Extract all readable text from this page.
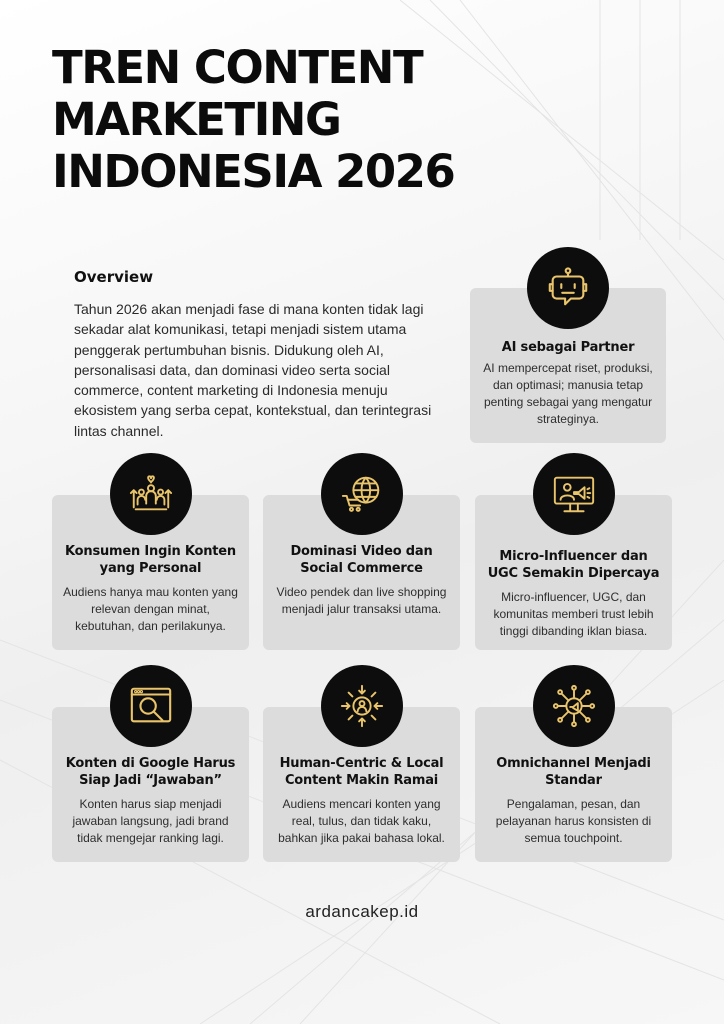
TREN CONTENT
MARKETING
INDONESIA 2026
Overview

Tahun 2026 akan menjadi fase di mana konten tidak lagi sekadar alat komunikasi, tetapi menjadi sistem utama penggerak pertumbuhan bisnis. Didukung oleh AI, personalisasi data, dan dominasi video serta social commerce, content marketing di Indonesia menuju ekosistem yang serba cepat, kontekstual, dan terintegrasi lintas channel.

AI sebagai Partner
AI mempercepat riset, produksi, dan optimasi; manusia tetap penting sebagai yang mengatur strateginya.
Konsumen Ingin Konten yang Personal
Audiens hanya mau konten yang relevan dengan minat, kebutuhan, dan perilakunya.
Dominasi Video dan Social Commerce
Video pendek dan live shopping menjadi jalur transaksi utama.
Micro-Influencer dan UGC Semakin Dipercaya
Micro-influencer, UGC, dan komunitas memberi trust lebih tinggi dibanding iklan biasa.
Konten di Google Harus Siap Jadi “Jawaban”
Konten harus siap menjadi jawaban langsung, jadi brand tidak mengejar ranking lagi.
Human-Centric & Local Content Makin Ramai
Audiens mencari konten yang real, tulus, dan tidak kaku, bahkan jika pakai bahasa lokal.
Omnichannel Menjadi Standar
Pengalaman, pesan, dan pelayanan harus konsisten di semua touchpoint.
ardancakep.id
